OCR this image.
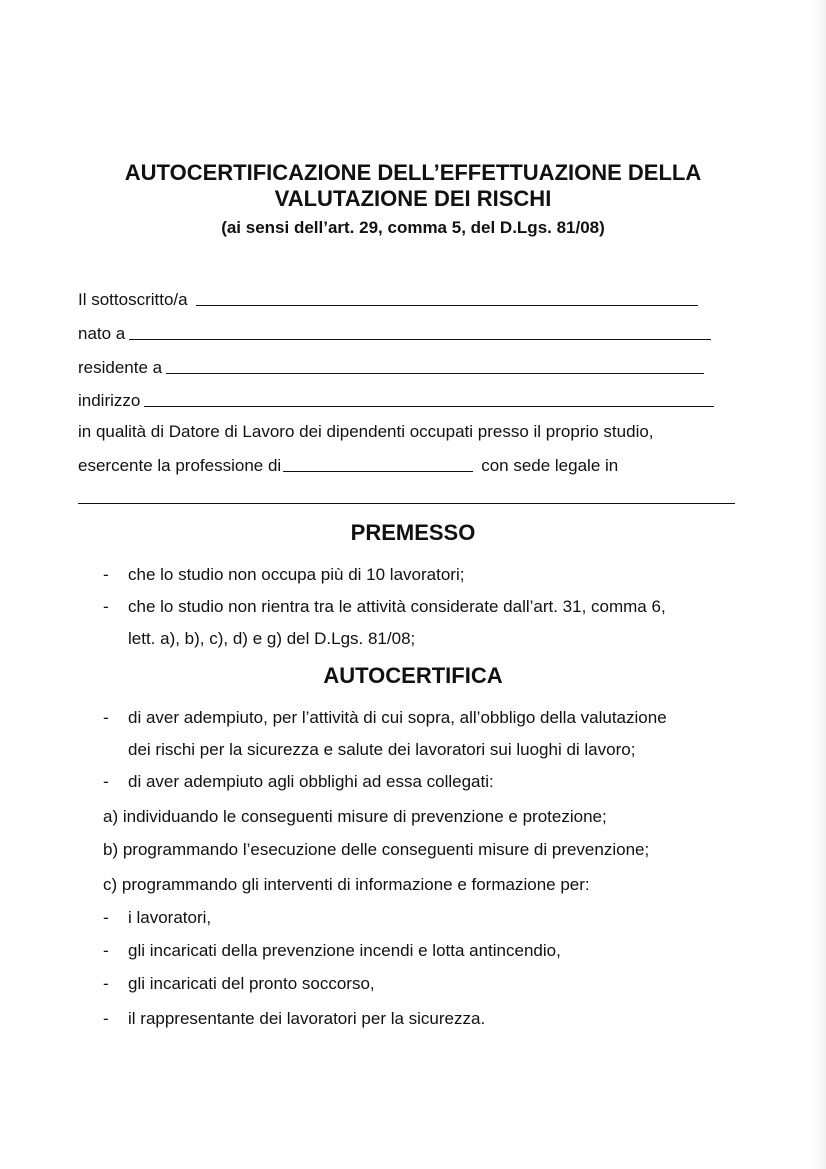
AUTOCERTIFICAZIONE DELL’EFFETTUAZIONE DELLA
VALUTAZIONE DEI RISCHI
(ai sensi dell’art. 29, comma 5, del D.Lgs. 81/08)
Il sottoscritto/a
nato a
residente a
indirizzo
in qualità di Datore di Lavoro dei dipendenti occupati presso il proprio studio,
esercente la professione di	con sede legale in
PREMESSO
- che lo studio non occupa più di 10 lavoratori;
- che lo studio non rientra tra le attività considerate dall’art. 31, comma 6,
lett. a), b), c), d) e g) del D.Lgs. 81/08;
AUTOCERTIFICA
- di aver adempiuto, per l’attività di cui sopra, all’obbligo della valutazione
dei rischi per la sicurezza e salute dei lavoratori sui luoghi di lavoro;
- di aver adempiuto agli obblighi ad essa collegati:
a) individuando le conseguenti misure di prevenzione e protezione;
b) programmando l’esecuzione delle conseguenti misure di prevenzione;
c) programmando gli interventi di informazione e formazione per:
- i lavoratori,
- gli incaricati della prevenzione incendi e lotta antincendio,
- gli incaricati del pronto soccorso,
- il rappresentante dei lavoratori per la sicurezza.
